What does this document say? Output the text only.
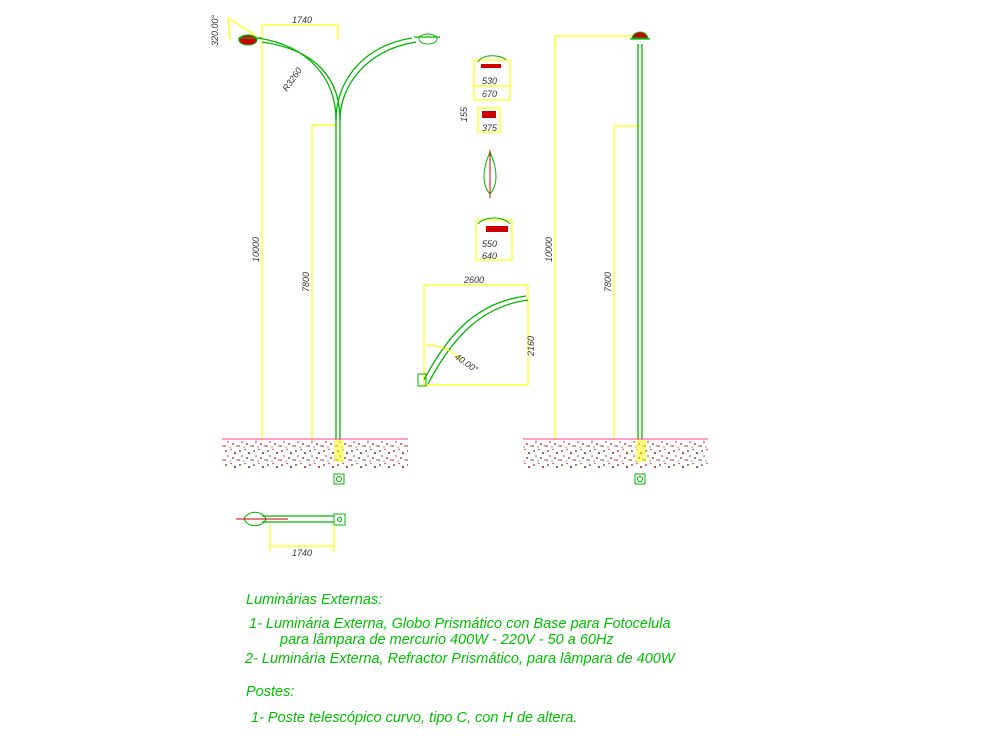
1740
320.00°
R3260
10000
7800
530
670
155
375
550
640
2600
2160
40.00°
10000
7800
1740
Luminárias Externas:
1- Luminária Externa, Globo Prismático con Base para Fotocelula
para lâmpara de mercurio 400W - 220V - 50 a 60Hz
2- Luminária Externa, Refractor Prismático, para lâmpara de 400W
Postes:
1- Poste telescópico curvo, tipo C, con H de altera.
